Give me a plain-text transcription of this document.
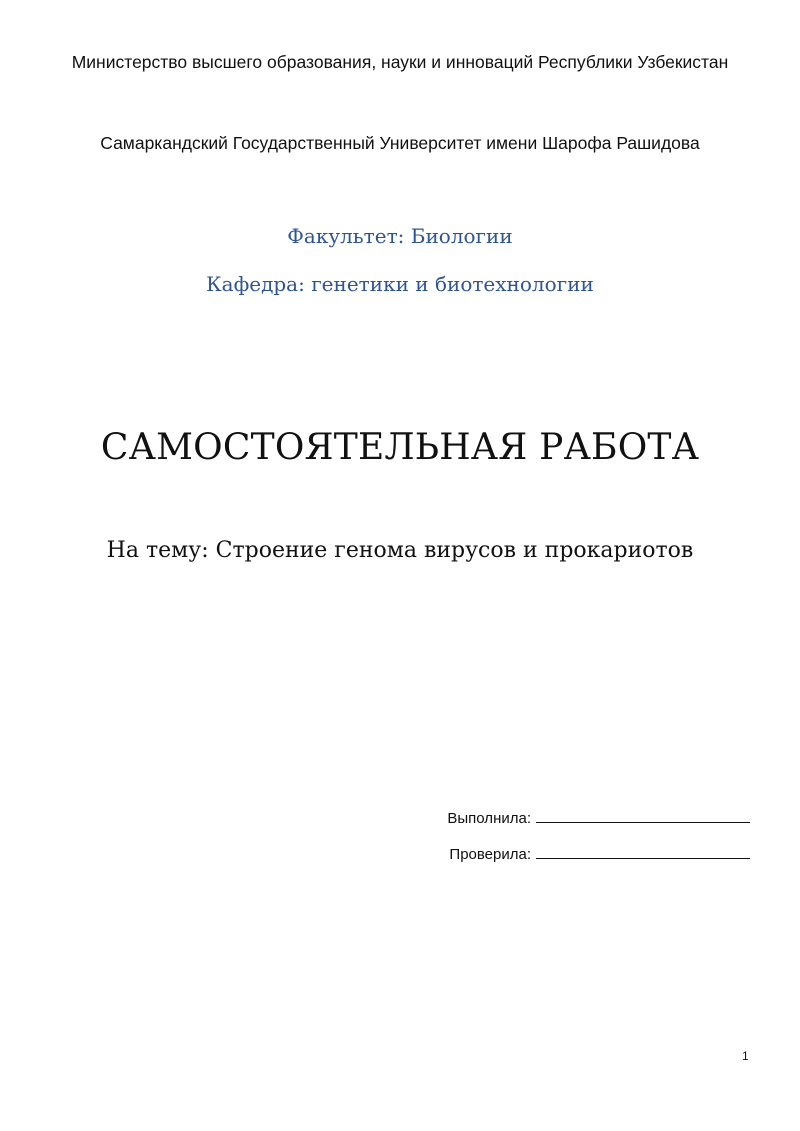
Министерство высшего образования, науки и инноваций Республики Узбекистан
Самаркандский Государственный Университет имени Шарофа Рашидова
Факультет: Биологии
Кафедра: генетики и биотехнологии
САМОСТОЯТЕЛЬНАЯ РАБОТА
На тему: Строение генома вирусов и прокариотов
Выполнила:
Проверила:
1
